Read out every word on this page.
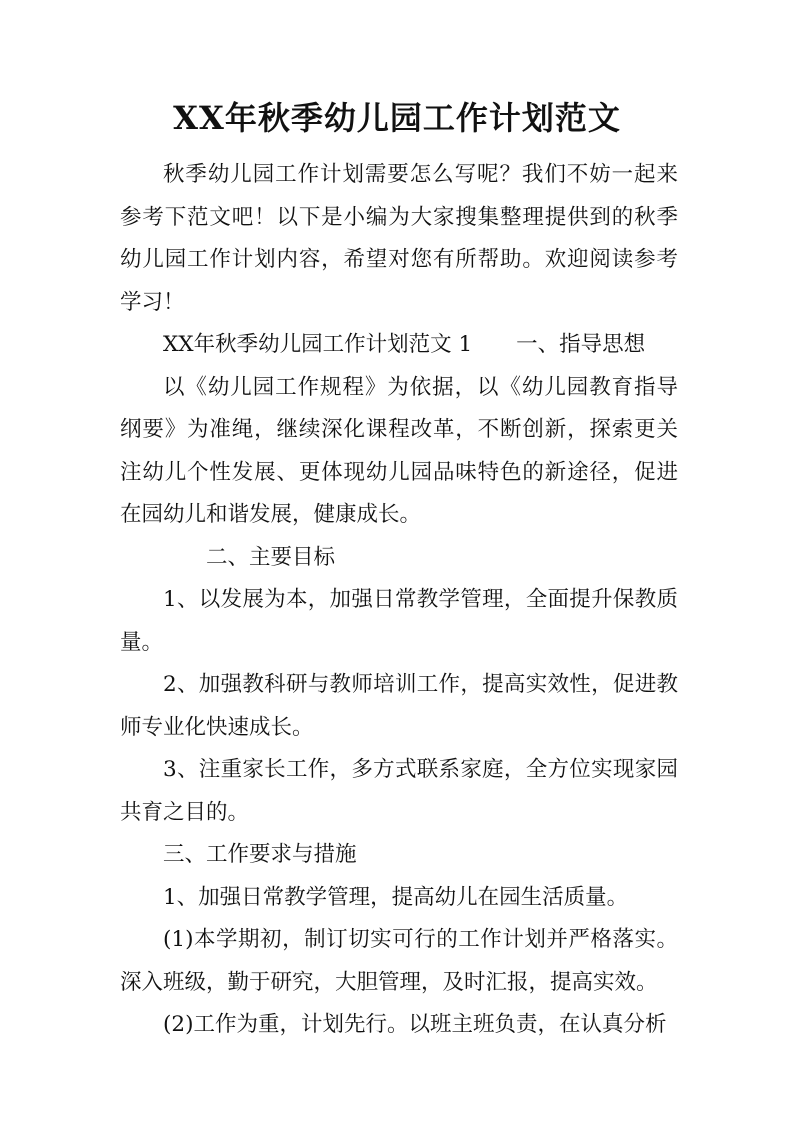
XX年秋季幼儿园工作计划范文

秋季幼儿园工作计划需要怎么写呢？我们不妨一起来参考下范文吧！以下是小编为大家搜集整理提供到的秋季幼儿园工作计划内容，希望对您有所帮助。欢迎阅读参考学习！

XX年秋季幼儿园工作计划范文 1 一、指导思想

以《幼儿园工作规程》为依据，以《幼儿园教育指导纲要》为准绳，继续深化课程改革，不断创新，探索更关注幼儿个性发展、更体现幼儿园品味特色的新途径，促进在园幼儿和谐发展，健康成长。

二、主要目标

1、以发展为本，加强日常教学管理，全面提升保教质量。

2、加强教科研与教师培训工作，提高实效性，促进教师专业化快速成长。

3、注重家长工作，多方式联系家庭，全方位实现家园共育之目的。

三、工作要求与措施

1、加强日常教学管理，提高幼儿在园生活质量。

(1)本学期初，制订切实可行的工作计划并严格落实。深入班级，勤于研究，大胆管理，及时汇报，提高实效。

(2)工作为重，计划先行。以班主班负责，在认真分析
